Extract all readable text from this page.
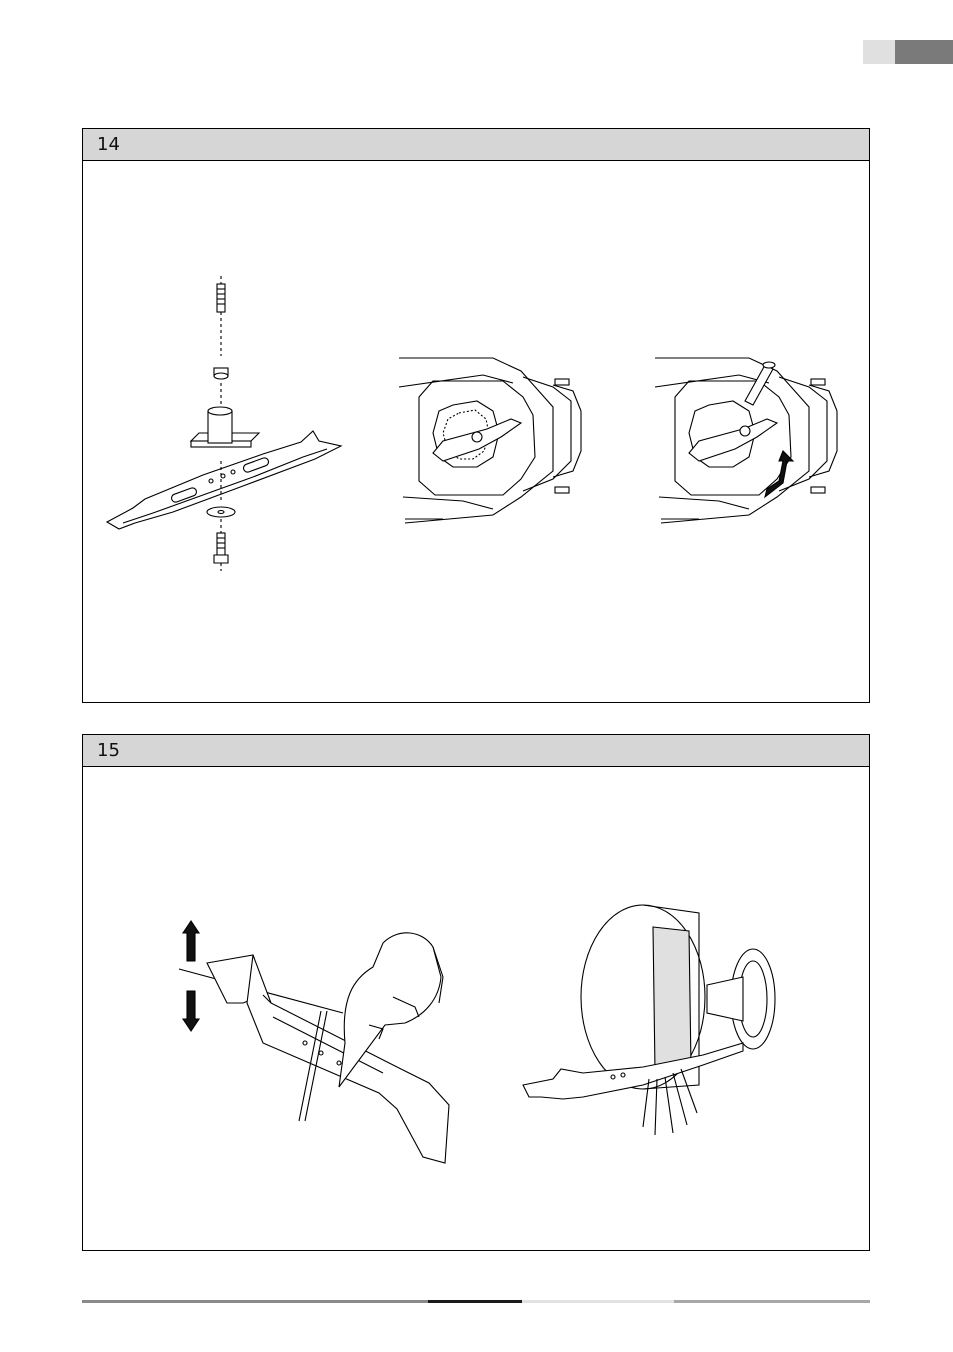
14
15
